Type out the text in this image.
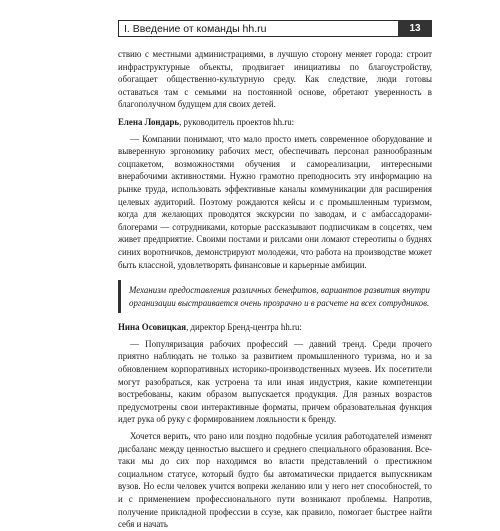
I. Введение от команды hh.ru	13

ствию с местными администрациями, в лучшую сторону меняет города: строит инфраструктурные объекты, продвигает инициативы по благоустройству, обогащает общественно-культурную среду. Как следствие, люди готовы оставаться там с семьями на постоянной основе, обретают уверенность в благополучном будущем для своих детей.

Елена Лондарь, руководитель проектов hh.ru:

— Компании понимают, что мало просто иметь современное оборудование и выверенную эргономику рабочих мест, обеспечивать персонал разнообразным соцпакетом, возможностями обучения и самореализации, интересными внерабочими активностями. Нужно грамотно преподносить эту информацию на рынке труда, использовать эффективные каналы коммуникации для расширения целевых аудиторий. Поэтому рождаются кейсы и с промышленным туризмом, когда для желающих проводятся экскурсии по заводам, и с амбассадорами-блогерами — сотрудниками, которые рассказывают подписчикам в соцсетях, чем живет предприятие. Своими постами и рилсами они ломают стереотипы о буднях синих воротничков, демонстрируют молодежи, что работа на производстве может быть классной, удовлетворять финансовые и карьерные амбиции.

Механизм предоставления различных бенефитов, вариантов развития внутри организации выстраивается очень прозрачно и в расчете на всех сотрудников.

Нина Осовицкая, директор Бренд-центра hh.ru:

— Популяризация рабочих профессий — давний тренд. Среди прочего приятно наблюдать не только за развитием промышленного туризма, но и за обновлением корпоративных историко-производственных музеев. Их посетители могут разобраться, как устроена та или иная индустрия, какие компетенции востребованы, каким образом выпускается продукция. Для разных возрастов предусмотрены свои интерактивные форматы, причем образовательная функция идет рука об руку с формированием лояльности к бренду.

Хочется верить, что рано или поздно подобные усилия работодателей изменят дисбаланс между ценностью высшего и среднего специального образования. Все-таки мы до сих пор находимся во власти представлений о престижном социальном статусе, который будто бы автоматически придается выпускникам вузов. Но если человек учится вопреки желанию или у него нет способностей, то и с применением профессионального пути возникают проблемы. Напротив, получение прикладной профессии в ссузе, как правило, помогает быстрее найти себя и начать
